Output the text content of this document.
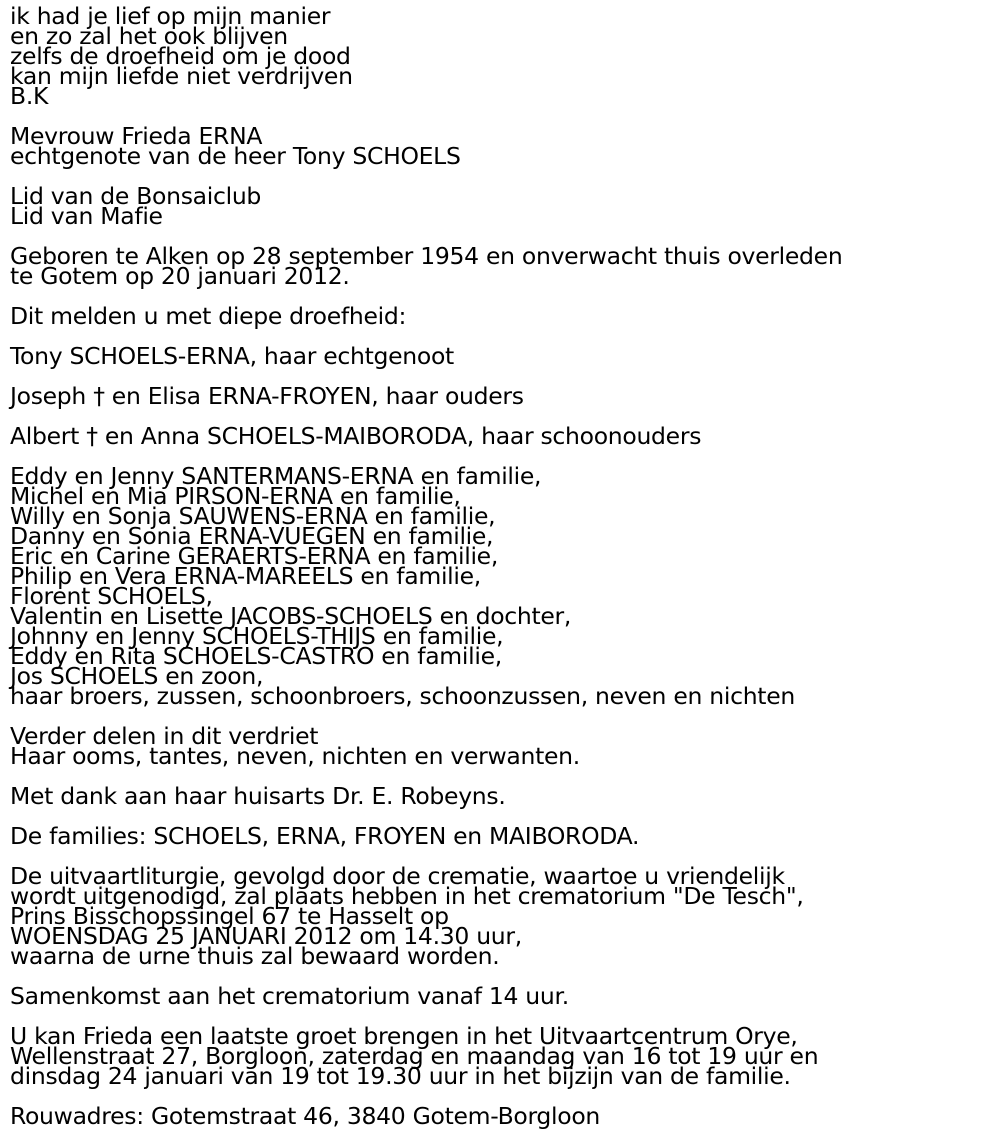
ik had je lief op mijn manier
en zo zal het ook blijven
zelfs de droefheid om je dood
kan mijn liefde niet verdrijven
B.K
Mevrouw Frieda ERNA
echtgenote van de heer Tony SCHOELS
Lid van de Bonsaiclub
Lid van Mafie
Geboren te Alken op 28 september 1954 en onverwacht thuis overleden
te Gotem op 20 januari 2012.
Dit melden u met diepe droefheid:
Tony SCHOELS-ERNA, haar echtgenoot
Joseph † en Elisa ERNA-FROYEN, haar ouders
Albert † en Anna SCHOELS-MAIBORODA, haar schoonouders
Eddy en Jenny SANTERMANS-ERNA en familie,
Michel en Mia PIRSON-ERNA en familie,
Willy en Sonja SAUWENS-ERNA en familie,
Danny en Sonia ERNA-VUEGEN en familie,
Eric en Carine GERAERTS-ERNA en familie,
Philip en Vera ERNA-MAREELS en familie,
Florent SCHOELS,
Valentin en Lisette JACOBS-SCHOELS en dochter,
Johnny en Jenny SCHOELS-THIJS en familie,
Eddy en Rita SCHOELS-CASTRO en familie,
Jos SCHOELS en zoon,
haar broers, zussen, schoonbroers, schoonzussen, neven en nichten
Verder delen in dit verdriet
Haar ooms, tantes, neven, nichten en verwanten.
Met dank aan haar huisarts Dr. E. Robeyns.
De families: SCHOELS, ERNA, FROYEN en MAIBORODA.
De uitvaartliturgie, gevolgd door de crematie, waartoe u vriendelijk
wordt uitgenodigd, zal plaats hebben in het crematorium "De Tesch",
Prins Bisschopssingel 67 te Hasselt op
WOENSDAG 25 JANUARI 2012 om 14.30 uur,
waarna de urne thuis zal bewaard worden.
Samenkomst aan het crematorium vanaf 14 uur.
U kan Frieda een laatste groet brengen in het Uitvaartcentrum Orye,
Wellenstraat 27, Borgloon, zaterdag en maandag van 16 tot 19 uur en
dinsdag 24 januari van 19 tot 19.30 uur in het bijzijn van de familie.
Rouwadres: Gotemstraat 46, 3840 Gotem-Borgloon
